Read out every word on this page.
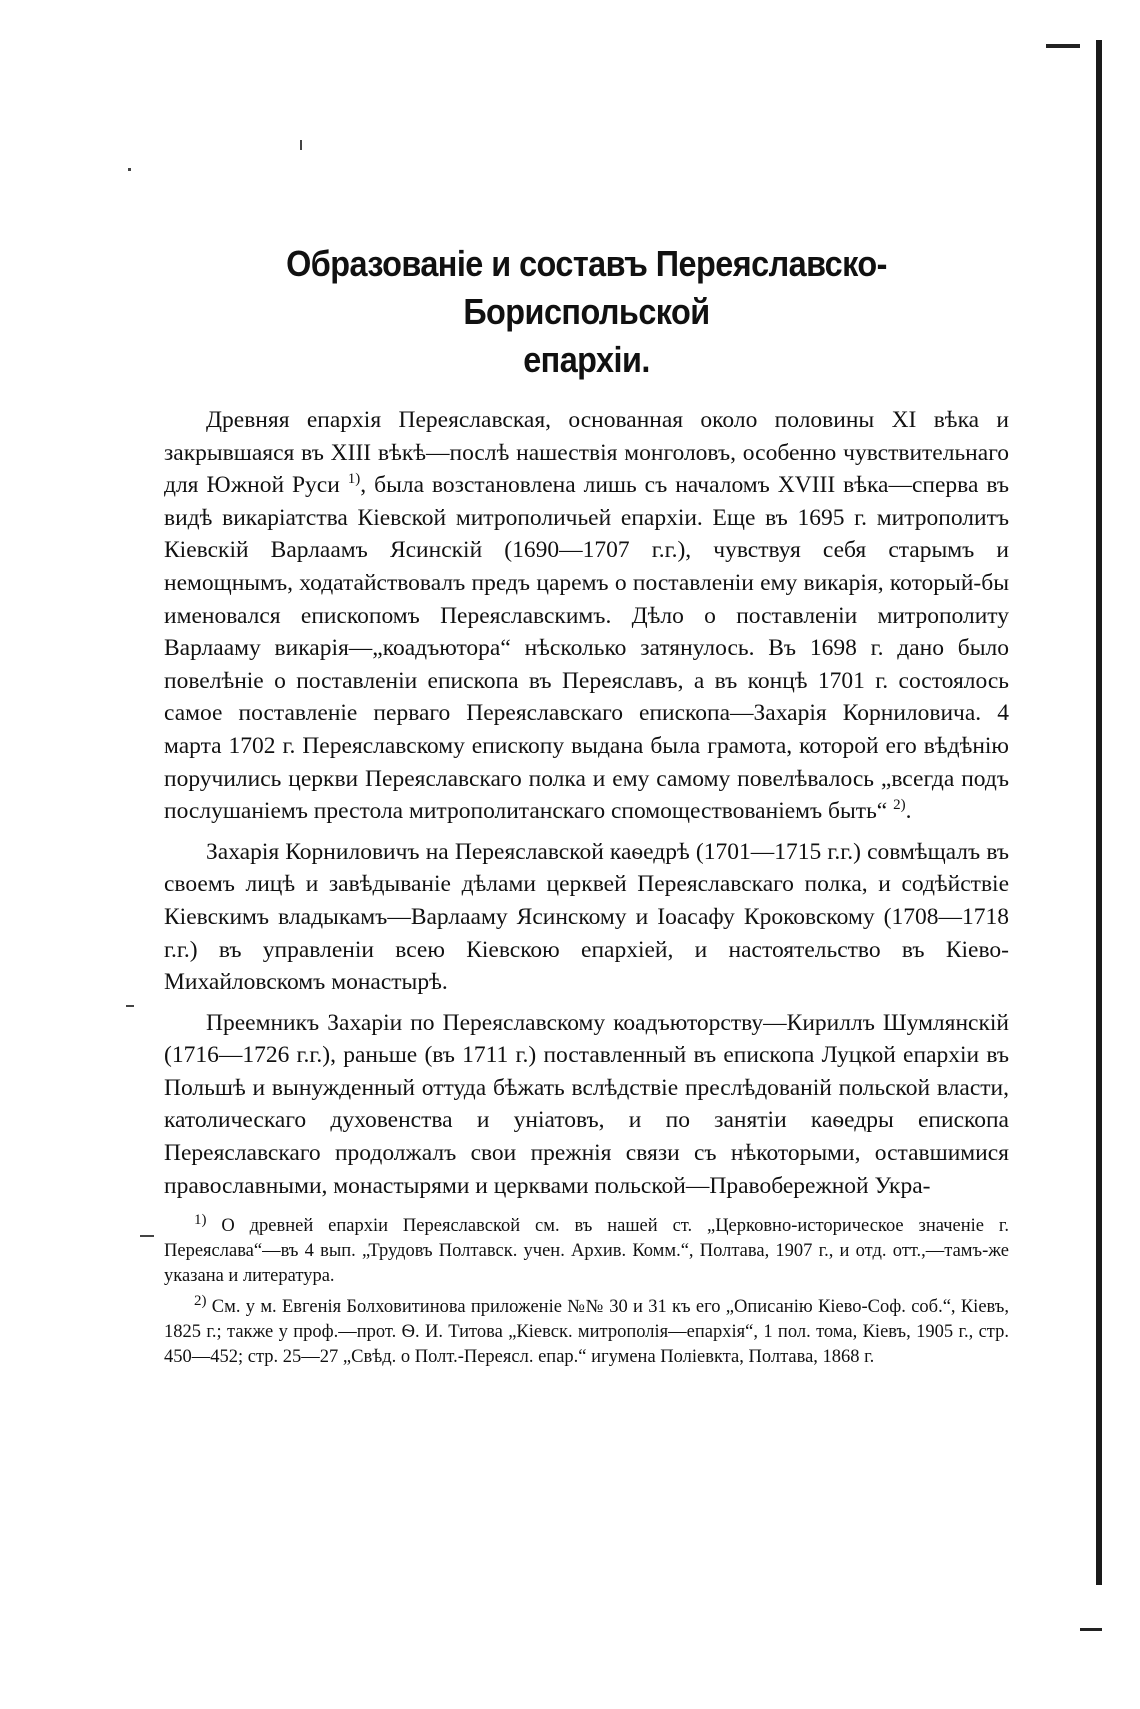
Образованіе и составъ Переяславско-Бориспольской
епархіи.

Древняя епархія Переяславская, основанная около половины XI вѣка и закрывшаяся въ XIII вѣкѣ—послѣ нашествія монголовъ, особенно чувствительнаго для Южной Руси $^{1)}$, была возстановлена лишь съ началомъ XVIII вѣка—сперва въ видѣ викаріатства Кіевской митрополичьей епархіи. Еще въ 1695 г. митрополитъ Кіевскій Варлаамъ Ясинскій (1690—1707 г.г.), чувствуя себя старымъ и немощнымъ, ходатайствовалъ предъ царемъ о поставленіи ему викарія, который-бы именовался епископомъ Переяславскимъ. Дѣло о поставленіи митрополиту Варлааму викарія—„коадъютора“ нѣсколько затянулось. Въ 1698 г. дано было повелѣніе о поставленіи епископа въ Переяславъ, а въ концѣ 1701 г. состоялось самое поставленіе перваго Переяславскаго епископа—Захарія Корниловича. 4 марта 1702 г. Переяславскому епископу выдана была грамота, которой его вѣдѣнію поручились церкви Переяславскаго полка и ему самому повелѣвалось „всегда подъ послушаніемъ престола митрополитанскаго спомоществованіемъ быть“ $^{2)}$.

Захарія Корниловичъ на Переяславской каѳедрѣ (1701—1715 г.г.) совмѣщалъ въ своемъ лицѣ и завѣдываніе дѣлами церквей Переяславскаго полка, и содѣйствіе Кіевскимъ владыкамъ—Варлааму Ясинскому и Іоасафу Кроковскому (1708—1718 г.г.) въ управленіи всею Кіевскою епархіей, и настоятельство въ Кіево-Михайловскомъ монастырѣ.

Преемникъ Захаріи по Переяславскому коадъюторству—Кириллъ Шумлянскій (1716—1726 г.г.), раньше (въ 1711 г.) поставленный въ епископа Луцкой епархіи въ Польшѣ и вынужденный оттуда бѣжать вслѣдствіе преслѣдованій польской власти, католическаго духовенства и уніатовъ, и по занятіи каѳедры епископа Переяславскаго продолжалъ свои прежнія связи съ нѣкоторыми, оставшимися православными, монастырями и церквами польской—Правобережной Укра-

$^{1)}$ О древней епархіи Переяславской см. въ нашей ст. „Церковно-историческое значеніе г. Переяслава“—въ 4 вып. „Трудовъ Полтавск. учен. Архив. Комм.“, Полтава, 1907 г., и отд. отт.,—тамъ-же указана и литература.

$^{2)}$ См. у м. Евгенія Болховитинова приложеніе №№ 30 и 31 къ его „Описанію Кіево-Соф. соб.“, Кіевъ, 1825 г.; также у проф.—прот. Ѳ. И. Титова „Кіевск. митрополія—епархія“, 1 пол. тома, Кіевъ, 1905 г., стр. 450—452; стр. 25—27 „Свѣд. о Полт.-Переясл. епар.“ игумена Поліевкта, Полтава, 1868 г.
